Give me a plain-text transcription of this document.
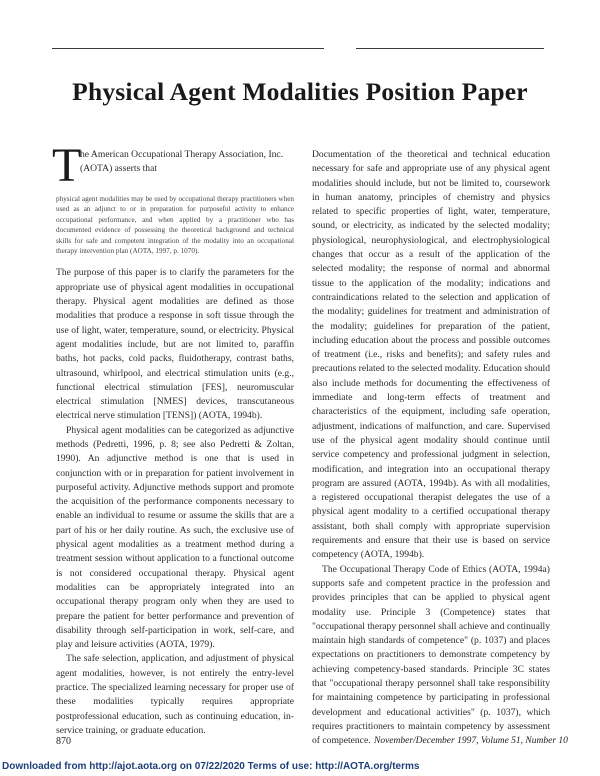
Physical Agent Modalities Position Paper
T
he American Occupational Therapy Association, Inc. (AOTA) asserts that
physical agent modalities may be used by occupational therapy practitioners when used as an adjunct to or in preparation for purposeful activity to enhance occupational performance, and when applied by a practitioner who has documented evidence of possessing the theoretical background and technical skills for safe and competent integration of the modality into an occupational therapy intervention plan (AOTA, 1997, p. 1070).

The purpose of this paper is to clarify the parameters for the appropriate use of physical agent modalities in occupational therapy. Physical agent modalities are defined as those modalities that produce a response in soft tissue through the use of light, water, temperature, sound, or electricity. Physical agent modalities include, but are not limited to, paraffin baths, hot packs, cold packs, fluidotherapy, contrast baths, ultrasound, whirlpool, and electrical stimulation units (e.g., functional electrical stimulation [FES], neuromuscular electrical stimulation [NMES] devices, transcutaneous electrical nerve stimulation [TENS]) (AOTA, 1994b).

Physical agent modalities can be categorized as adjunctive methods (Pedretti, 1996, p. 8; see also Pedretti & Zoltan, 1990). An adjunctive method is one that is used in conjunction with or in preparation for patient involvement in purposeful activity. Adjunctive methods support and promote the acquisition of the performance components necessary to enable an individual to resume or assume the skills that are a part of his or her daily routine. As such, the exclusive use of physical agent modalities as a treatment method during a treatment session without application to a functional outcome is not considered occupational therapy. Physical agent modalities can be appropriately integrated into an occupational therapy program only when they are used to prepare the patient for better performance and prevention of disability through self-participation in work, self-care, and play and leisure activities (AOTA, 1979).

The safe selection, application, and adjustment of physical agent modalities, however, is not entirely the entry-level practice. The specialized learning necessary for proper use of these modalities typically requires appropriate postprofessional education, such as continuing education, in-service training, or graduate education.

Documentation of the theoretical and technical education necessary for safe and appropriate use of any physical agent modalities should include, but not be limited to, coursework in human anatomy, principles of chemistry and physics related to specific properties of light, water, temperature, sound, or electricity, as indicated by the selected modality; physiological, neurophysiological, and electrophysiological changes that occur as a result of the application of the selected modality; the response of normal and abnormal tissue to the application of the modality; indications and contraindications related to the selection and application of the modality; guidelines for treatment and administration of the modality; guidelines for preparation of the patient, including education about the process and possible outcomes of treatment (i.e., risks and benefits); and safety rules and precautions related to the selected modality. Education should also include methods for documenting the effectiveness of immediate and long-term effects of treatment and characteristics of the equipment, including safe operation, adjustment, indications of malfunction, and care. Supervised use of the physical agent modality should continue until service competency and professional judgment in selection, modification, and integration into an occupational therapy program are assured (AOTA, 1994b). As with all modalities, a registered occupational therapist delegates the use of a physical agent modality to a certified occupational therapy assistant, both shall comply with appropriate supervision requirements and ensure that their use is based on service competency (AOTA, 1994b).

The Occupational Therapy Code of Ethics (AOTA, 1994a) supports safe and competent practice in the profession and provides principles that can be applied to physical agent modality use. Principle 3 (Competence) states that "occupational therapy personnel shall achieve and continually maintain high standards of competence" (p. 1037) and places expectations on practitioners to demonstrate competency by achieving competency-based standards. Principle 3C states that "occupational therapy personnel shall take responsibility for maintaining competence by participating in professional development and educational activities" (p. 1037), which requires practitioners to maintain competency by assessment of competence.

870	November/December 1997, Volume 51, Number 10
Downloaded from http://ajot.aota.org on 07/22/2020 Terms of use: http://AOTA.org/terms
